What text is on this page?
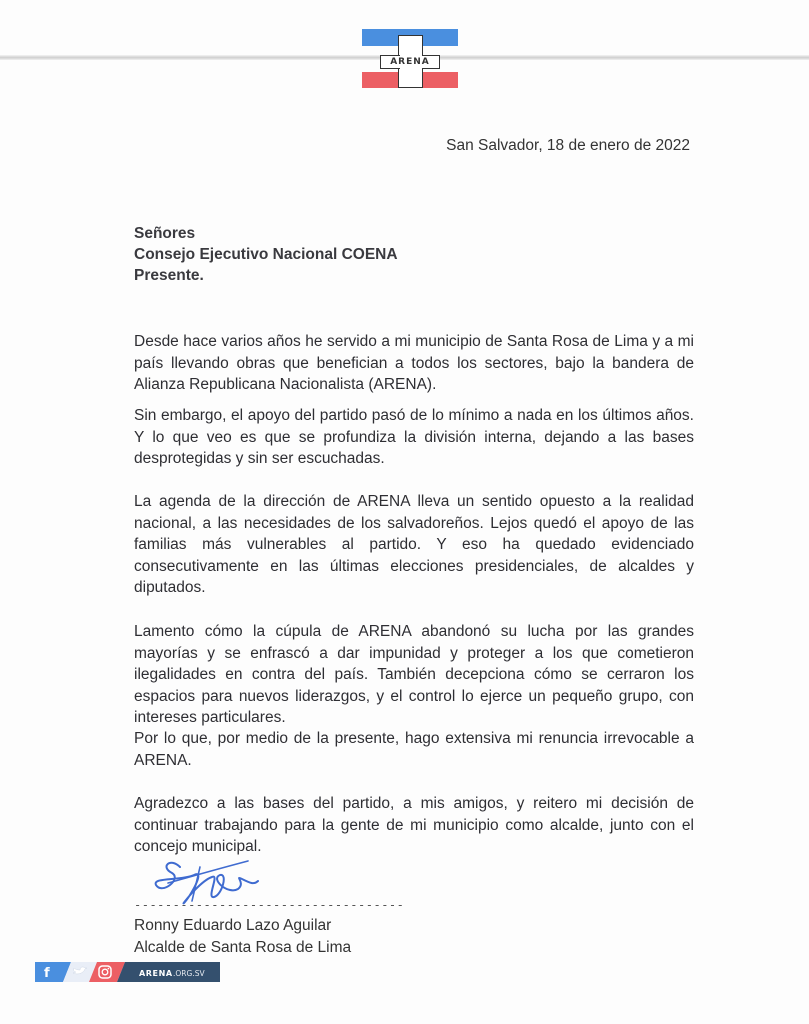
ARENA
San Salvador, 18 de enero de 2022
Señores
Consejo Ejecutivo Nacional COENA
Presente.
Desde hace varios años he servido a mi municipio de Santa Rosa de Lima y a mi país llevando obras que benefician a todos los sectores, bajo la bandera de Alianza Republicana Nacionalista (ARENA).
Sin embargo, el apoyo del partido pasó de lo mínimo a nada en los últimos años. Y lo que veo es que se profundiza la división interna, dejando a las bases desprotegidas y sin ser escuchadas.
La agenda de la dirección de ARENA lleva un sentido opuesto a la realidad nacional, a las necesidades de los salvadoreños. Lejos quedó el apoyo de las familias más vulnerables al partido. Y eso ha quedado evidenciado consecutivamente en las últimas elecciones presidenciales, de alcaldes y diputados.
Lamento cómo la cúpula de ARENA abandonó su lucha por las grandes mayorías y se enfrascó a dar impunidad y proteger a los que cometieron ilegalidades en contra del país. También decepciona cómo se cerraron los espacios para nuevos liderazgos, y el control lo ejerce un pequeño grupo, con intereses particulares.
Por lo que, por medio de la presente, hago extensiva mi renuncia irrevocable a ARENA.
Agradezco a las bases del partido, a mis amigos, y reitero mi decisión de continuar trabajando para la gente de mi municipio como alcalde, junto con el concejo municipal.
-----------------------------------
Ronny Eduardo Lazo Aguilar
Alcalde de Santa Rosa de Lima
f	ARENA .ORG.SV
